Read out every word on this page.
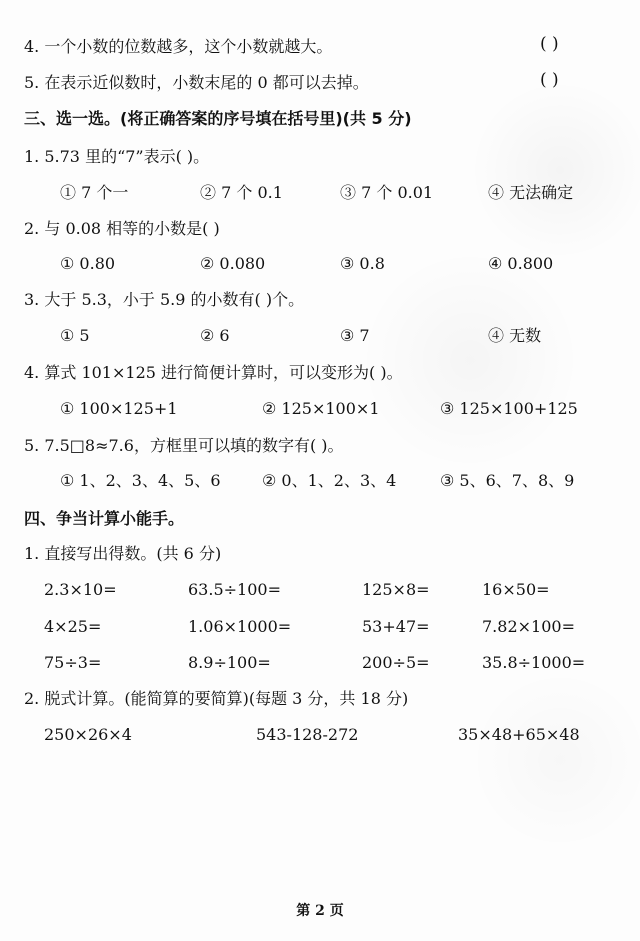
4. 一个小数的位数越多，这个小数就越大。	( )
5. 在表示近似数时，小数末尾的 0 都可以去掉。	( )
三、选一选。(将正确答案的序号填在括号里)(共 5 分)
1. 5.73 里的“7”表示( )。
① 7 个一	② 7 个 0.1	③ 7 个 0.01	④ 无法确定
2. 与 0.08 相等的小数是( )
① 0.80	② 0.080	③ 0.8	④ 0.800
3. 大于 5.3，小于 5.9 的小数有( )个。
① 5	② 6	③ 7	④ 无数
4. 算式 101×125 进行简便计算时，可以变形为( )。
① 100×125+1	② 125×100×1	③ 125×100+125
5. 7.5□8≈7.6，方框里可以填的数字有( )。
① 1、2、3、4、5、6	② 0、1、2、3、4	③ 5、6、7、8、9
四、争当计算小能手。
1. 直接写出得数。(共 6 分)
2.3×10=	63.5÷100=	125×8=	16×50=
4×25=	1.06×1000=	53+47=	7.82×100=
75÷3=	8.9÷100=	200÷5=	35.8÷1000=
2. 脱式计算。(能简算的要简算)(每题 3 分，共 18 分)
250×26×4	543-128-272	35×48+65×48
第 2 页
